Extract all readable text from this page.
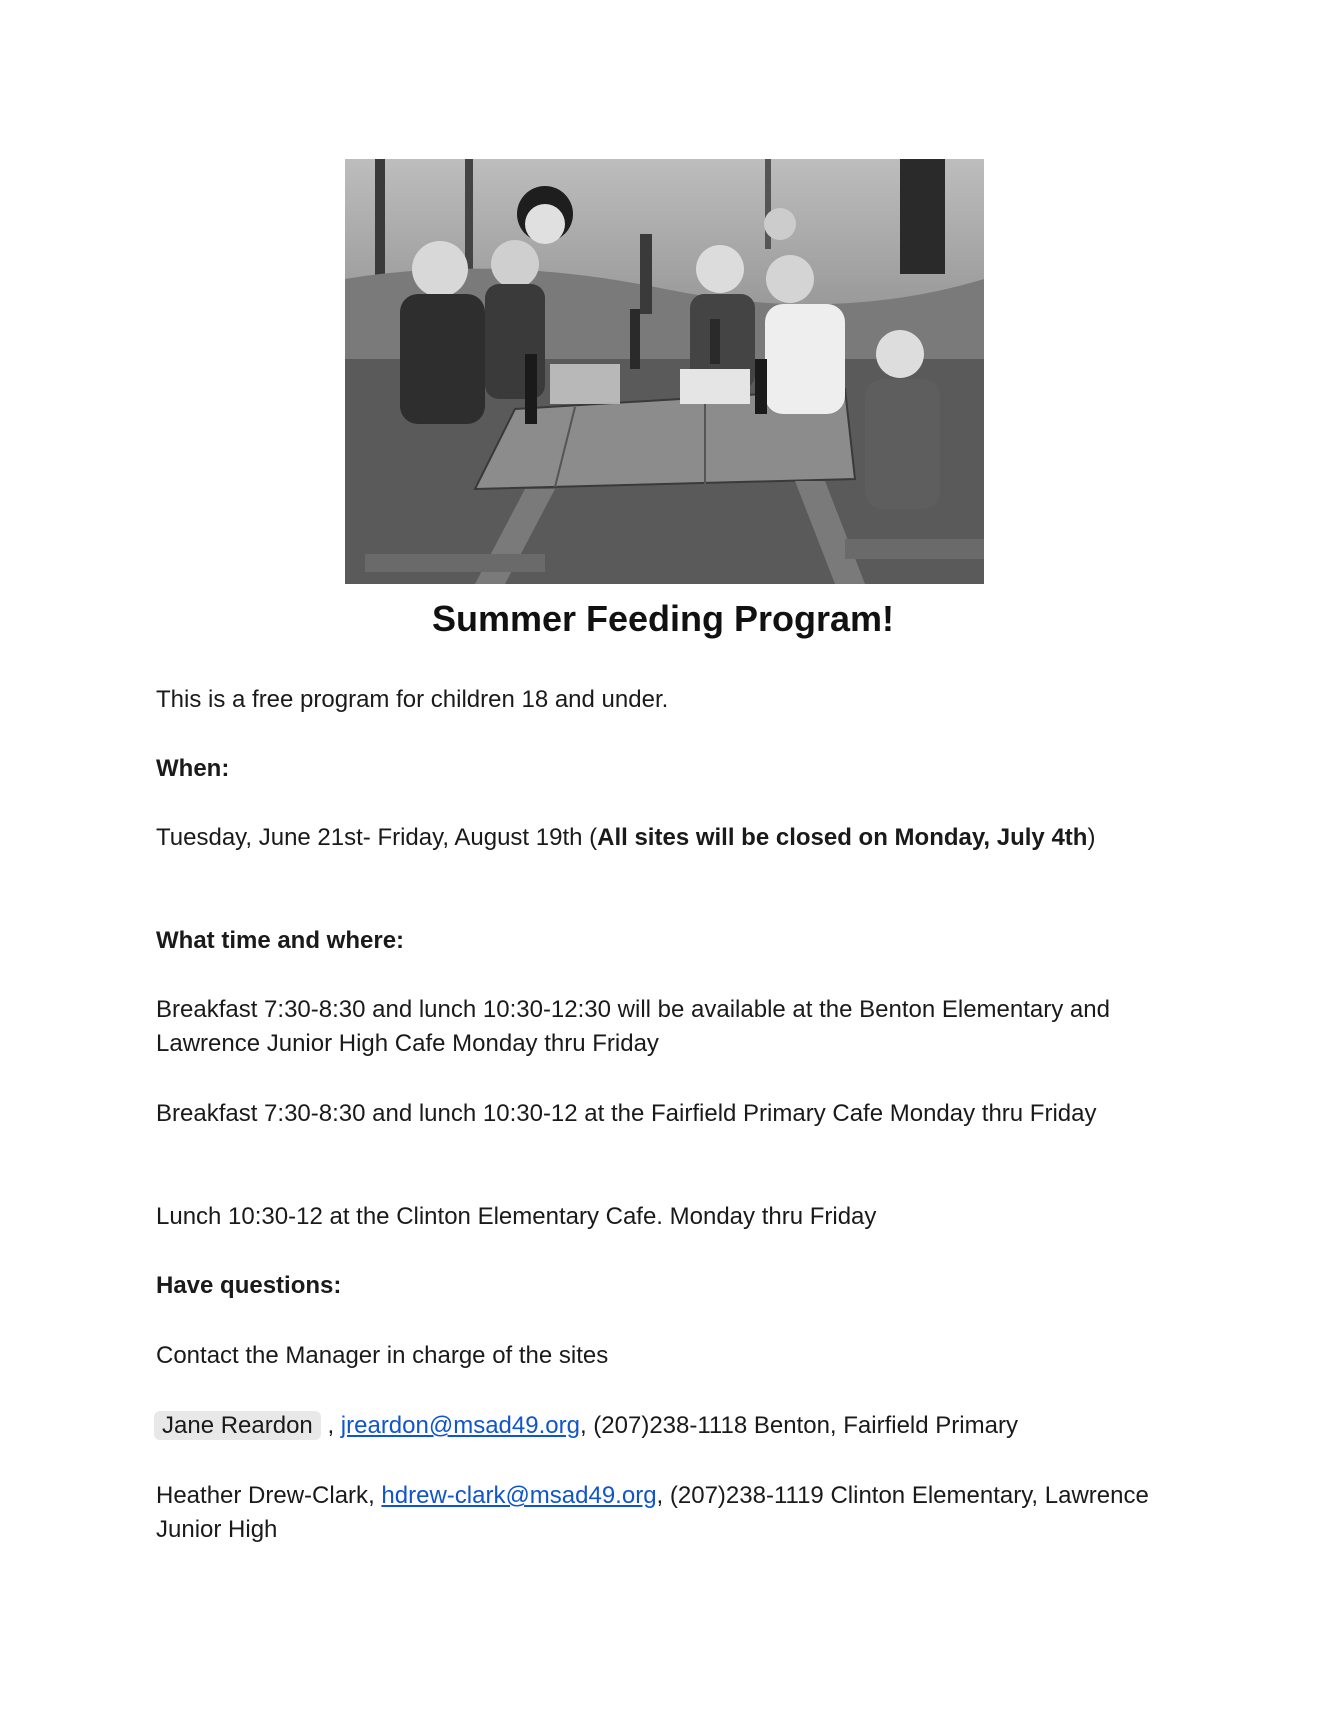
Summer Feeding Program!

This is a free program for children 18 and under.

When:

Tuesday, June 21st- Friday, August 19th (All sites will be closed on Monday, July 4th)

What time and where:

Breakfast 7:30-8:30 and lunch 10:30-12:30 will be available at the Benton Elementary and Lawrence Junior High Cafe Monday thru Friday

Breakfast 7:30-8:30 and lunch 10:30-12 at the Fairfield Primary Cafe Monday thru Friday

Lunch 10:30-12 at the Clinton Elementary Cafe. Monday thru Friday

Have questions:

Contact the Manager in charge of the sites

Jane Reardon , jreardon@msad49.org, (207)238-1118 Benton, Fairfield Primary

Heather Drew-Clark, hdrew-clark@msad49.org, (207)238-1119 Clinton Elementary, Lawrence Junior High
